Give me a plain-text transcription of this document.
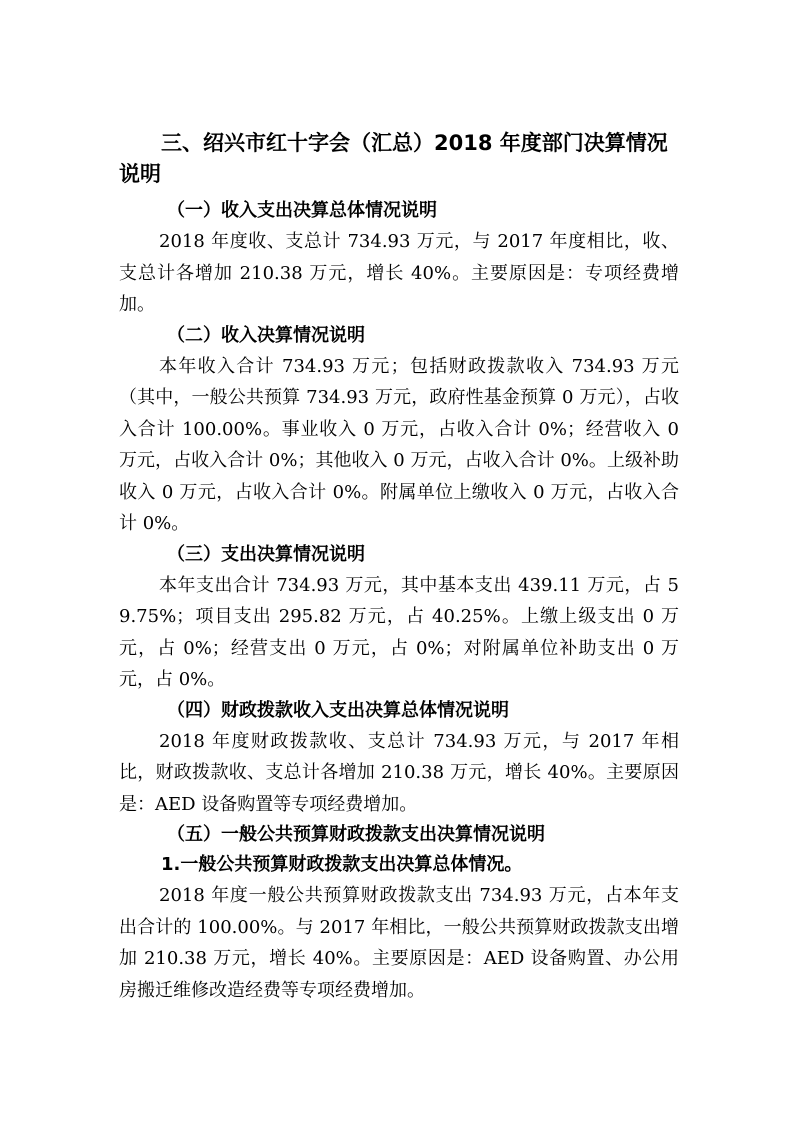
三、绍兴市红十字会（汇总）2018 年度部门决算情况说明
（一）收入支出决算总体情况说明

2018 年度收、支总计 734.93 万元，与 2017 年度相比，收、支总计各增加 210.38 万元，增长 40%。主要原因是：专项经费增加。

（二）收入决算情况说明

本年收入合计 734.93 万元；包括财政拨款收入 734.93 万元（其中，一般公共预算 734.93 万元，政府性基金预算 0 万元），占收入合计 100.00%。事业收入 0 万元，占收入合计 0%；经营收入 0 万元，占收入合计 0%；其他收入 0 万元，占收入合计 0%。上级补助收入 0 万元，占收入合计 0%。附属单位上缴收入 0 万元，占收入合计 0%。

（三）支出决算情况说明

本年支出合计 734.93 万元，其中基本支出 439.11 万元，占 59.75%；项目支出 295.82 万元，占 40.25%。上缴上级支出 0 万元，占 0%；经营支出 0 万元，占 0%；对附属单位补助支出 0 万元，占 0%。

（四）财政拨款收入支出决算总体情况说明

2018 年度财政拨款收、支总计 734.93 万元，与 2017 年相比，财政拨款收、支总计各增加 210.38 万元，增长 40%。主要原因是：AED 设备购置等专项经费增加。

（五）一般公共预算财政拨款支出决算情况说明
1.一般公共预算财政拨款支出决算总体情况。

2018 年度一般公共预算财政拨款支出 734.93 万元，占本年支出合计的 100.00%。与 2017 年相比，一般公共预算财政拨款支出增加 210.38 万元，增长 40%。主要原因是：AED 设备购置、办公用房搬迁维修改造经费等专项经费增加。
